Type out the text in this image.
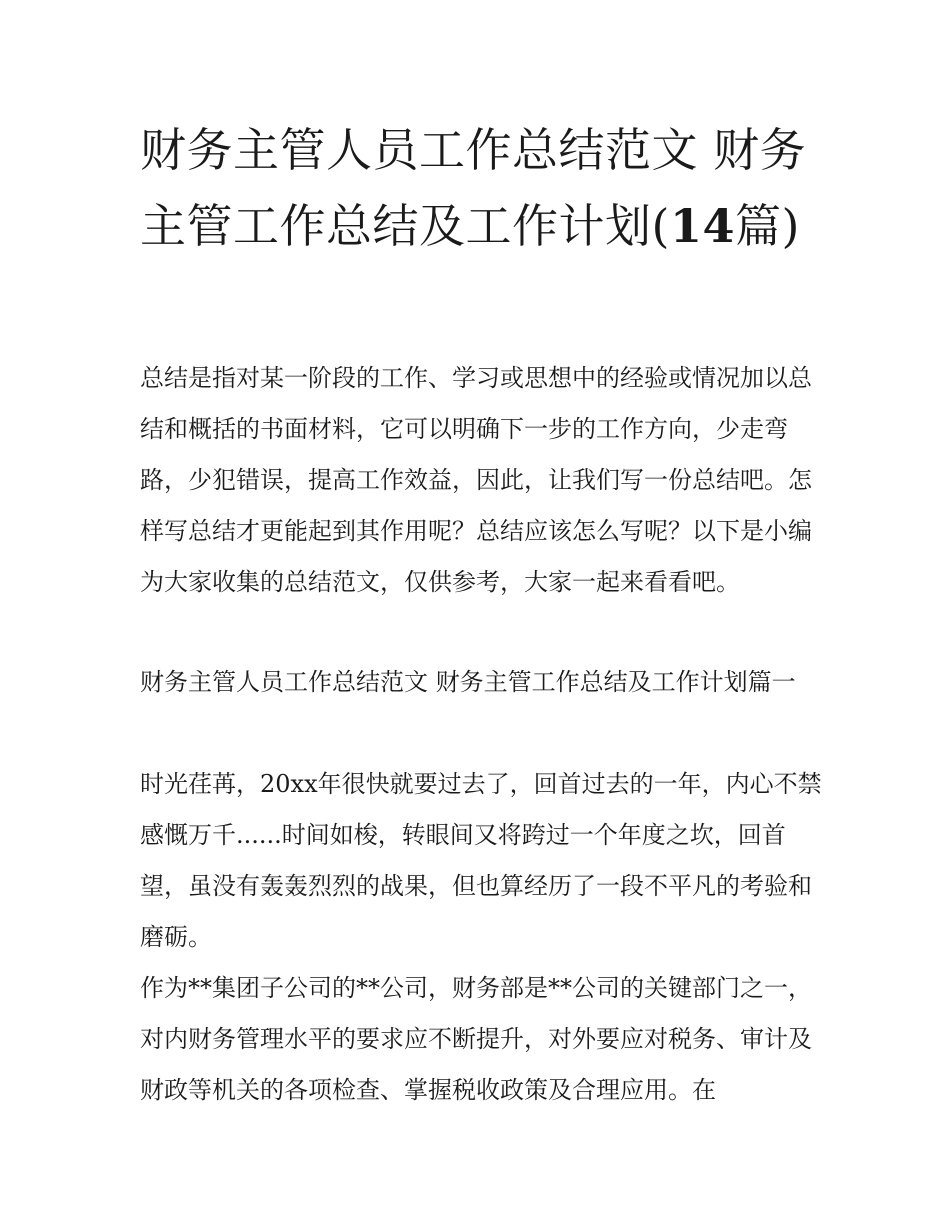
财务主管人员工作总结范文 财务主管工作总结及工作计划(14篇)

总结是指对某一阶段的工作、学习或思想中的经验或情况加以总结和概括的书面材料，它可以明确下一步的工作方向，少走弯路，少犯错误，提高工作效益，因此，让我们写一份总结吧。怎样写总结才更能起到其作用呢？总结应该怎么写呢？以下是小编为大家收集的总结范文，仅供参考，大家一起来看看吧。

财务主管人员工作总结范文 财务主管工作总结及工作计划篇一

时光荏苒，20xx年很快就要过去了，回首过去的一年，内心不禁感慨万千......时间如梭，转眼间又将跨过一个年度之坎，回首望，虽没有轰轰烈烈的战果，但也算经历了一段不平凡的考验和磨砺。

作为**集团子公司的**公司，财务部是**公司的关键部门之一，对内财务管理水平的要求应不断提升，对外要应对税务、审计及财政等机关的各项检查、掌握税收政策及合理应用。在
